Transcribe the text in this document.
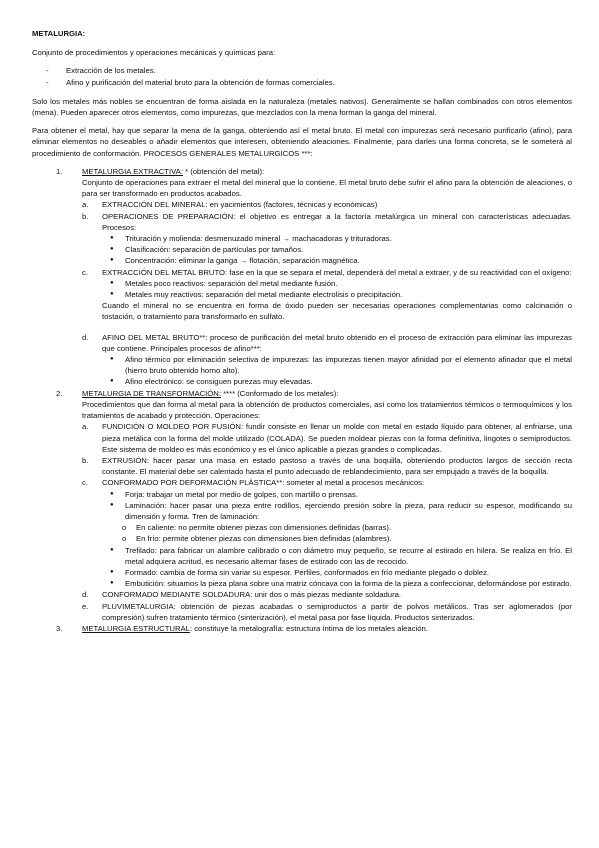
METALURGIA:

Conjunto de procedimientos y operaciones mecánicas y químicas para:

- Extracción de los metales.
- Afino y purificación del material bruto para la obtención de formas comerciales.

Solo los metales más nobles se encuentran de forma aislada en la naturaleza (metales nativos). Generalmente se hallan combinados con otros elementos (mena). Pueden aparecer otros elementos, como impurezas, que mezclados con la mena forman la ganga del mineral.

Para obtener el metal, hay que separar la mena de la ganga, obteniendo así el metal bruto. El metal con impurezas será necesario purificarlo (afino), para eliminar elementos no deseables o añadir elementos que interesen, obteniendo aleaciones. Finalmente, para darles una forma concreta, se le someterá al procedimiento de conformación. PROCESOS GENERALES METALURGICOS ***:

1.	METALURGIA EXTRACTIVA: * (obtención del metal):
Conjunto de operaciones para extraer el metal del mineral que lo contiene. El metal bruto debe sufrir el afino para la obtención de aleaciones, o para ser transformado en productos acabados.
a. EXTRACCIÓN DEL MINERAL: en yacimientos (factores, técnicas y económicas)
b. OPERACIONES DE PREPARACIÓN: el objetivo es entregar a la factoría metalúrgica un mineral con características adecuadas. Procesos:
● Trituración y molienda: desmenuzado mineral → machacadoras y trituradoras.
● Clasificación: separación de partículas por tamaños.
● Concentración: eliminar la ganga → flotación, separación magnética.
c. EXTRACCIÓN DEL METAL BRUTO: fase en la que se separa el metal, dependerá del metal a extraer, y de su reactividad con el oxígeno:
● Metales poco reactivos: separación del metal mediante fusión.
● Metales muy reactivos: separación del metal mediante electrolisis o precipitación.
Cuando el mineral no se encuentra en forma de óxido pueden ser necesarias operaciones complementarias como calcinación o tostación, o tratamiento para transformarlo en sulfato.
d. AFINO DEL METAL BRUTO**: proceso de purificación del metal bruto obtenido en el proceso de extracción para eliminar las impurezas que contiene. Principales procesos de afino***:
● Afino térmico por eliminación selectiva de impurezas: las impurezas tienen mayor afinidad por el elemento afinador que el metal (hierro bruto obtenido horno alto).
● Afino electrónico: se consiguen purezas muy elevadas.
2.	METALURGIA DE TRANSFORMACIÓN: **** (Conformado de los metales):
Procedimientos que dan forma al metal para la obtención de productos comerciales, así como los tratamientos térmicos o termoquímicos y los tratamientos de acabado y protección. Operaciones:
a. FUNDICIÓN O MOLDEO POR FUSIÓN: fundir consiste en llenar un molde con metal en estado líquido para obtener, al enfriarse, una pieza metálica con la forma del molde utilizado (COLADA). Se pueden moldear piezas con la forma definitiva, lingotes o semiproductos. Este sistema de moldeo es más económico y es el único aplicable a piezas grandes o complicadas.
b. EXTRUSIÓN: hacer pasar una masa en estado pastoso a través de una boquilla, obteniendo productos largos de sección recta constante. El material debe ser calentado hasta el punto adecuado de reblandecimiento, para ser empujado a través de la boquilla.
c. CONFORMADO POR DEFORMACIÓN PLÁSTICA**: someter al metal a procesos mecánicos:
● Forja: trabajar un metal por medio de golpes, con martillo o prensas.
● Laminación: hacer pasar una pieza entre rodillos, ejerciendo presión sobre la pieza, para reducir su espesor, modificando su dimensión y forma. Tren de laminación:
o En caliente: no permite obtener piezas con dimensiones definidas (barras).
o En frío: permite obtener piezas con dimensiones bien definidas (alambres).
● Trefilado: para fabricar un alambre calibrado o con diámetro muy pequeño, se recurre al estirado en hilera. Se realiza en frío. El metal adquiera acritud, es necesario alternar fases de estirado con las de recocido.
● Formado: cambia de forma sin variar su espesor. Perfiles, conformados en frío mediante plegado o doblez.
● Embutición: situamos la pieza plana sobre una matriz cóncava con la forma de la pieza a confeccionar, deformándose por estirado.
d. CONFORMADO MEDIANTE SOLDADURA: unir dos o más piezas mediante soldadura.
e. PLUVIMETALURGIA: obtención de piezas acabadas o semiproductos a partir de polvos metálicos. Tras ser aglomerados (por compresión) sufren tratamiento térmico (sinterización), el metal pasa por fase líquida. Productos sinterizados.
3.	METALURGIA ESTRUCTURAL: constituye la metalografía: estructura íntima de los metales aleación.
